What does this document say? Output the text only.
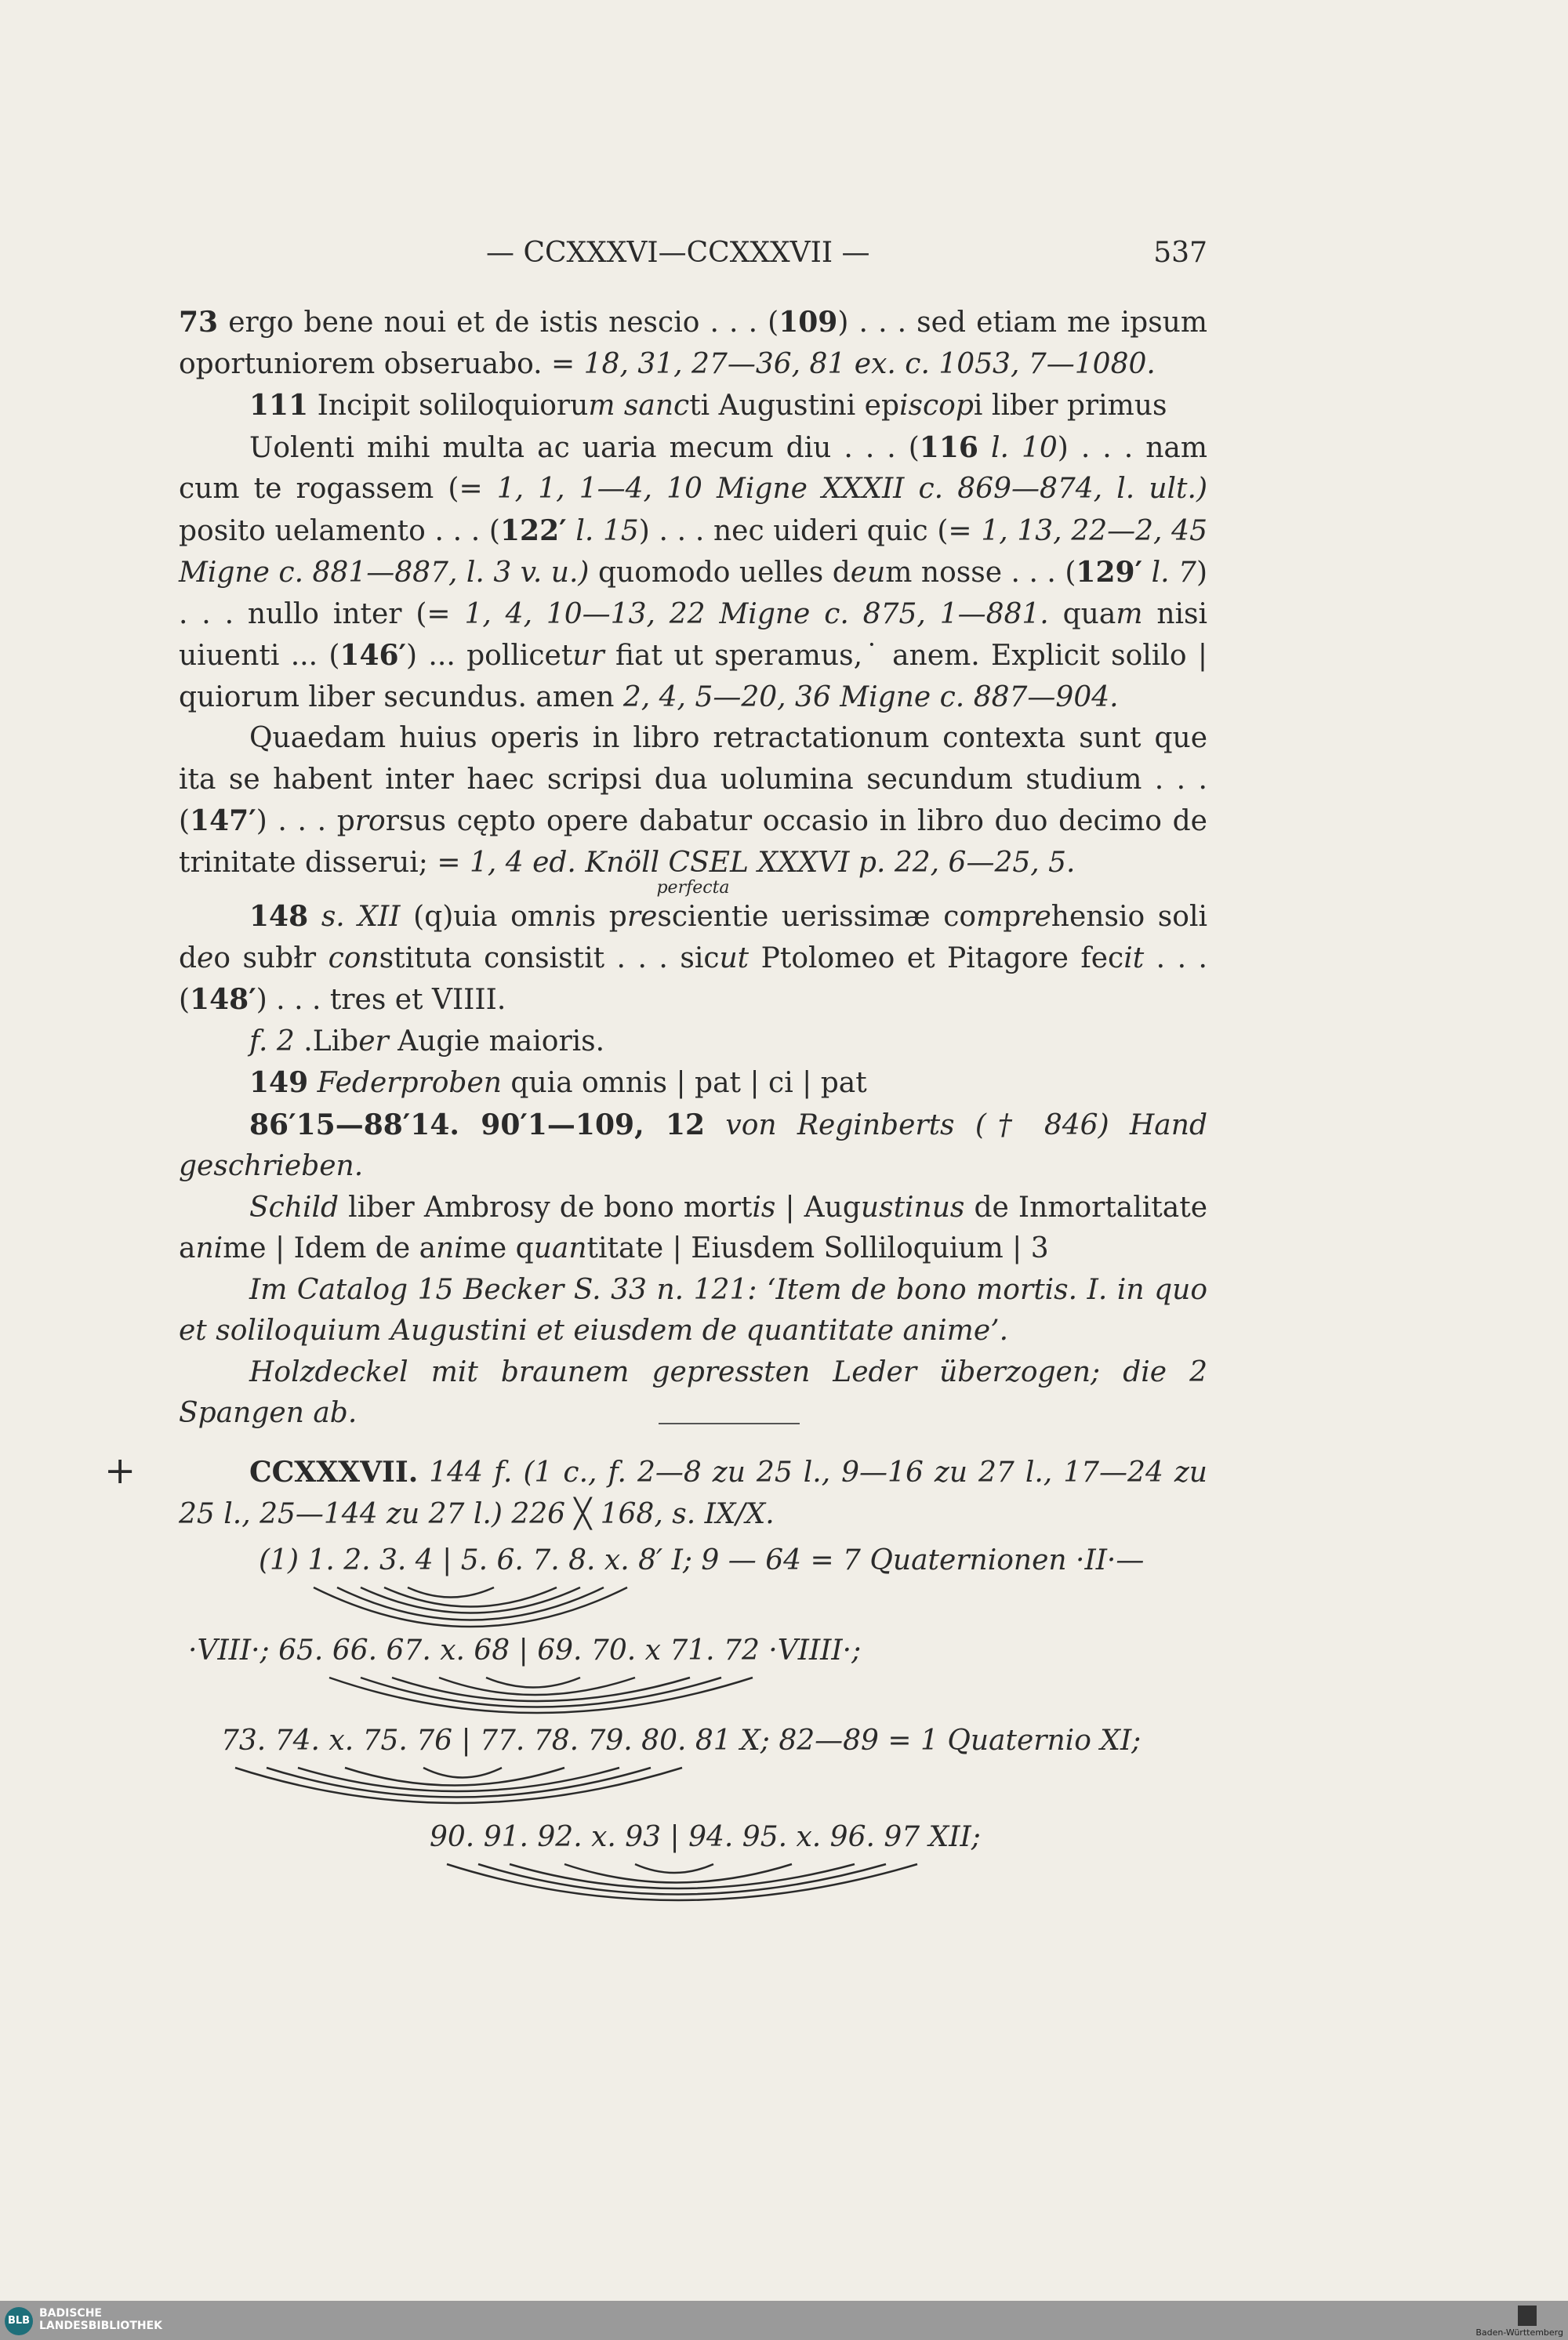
— CCXXXVI—CCXXXVII —	537

73 ergo bene noui et de istis nescio . . . (109) . . . sed etiam me ipsum oportuniorem obseruabo. = 18, 31, 27—36, 81 ex. c. 1053, 7—1080.

111 Incipit soliloquiorum sancti Augustini episcopi liber primus

Uolenti mihi multa ac uaria mecum diu . . . (116 l. 10) . . . nam cum te rogassem (= 1, 1, 1—4, 10 Migne XXXII c. 869—874, l. ult.) posito uelamento . . . (122′ l. 15) . . . nec uideri quic (= 1, 13, 22—2, 45 Migne c. 881—887, l. 3 v. u.) quomodo uelles deum nosse . . . (129′ l. 7) . . . nullo inter (= 1, 4, 10—13, 22 Migne c. 875, 1—881. quam nisi uiuenti ... (146′) ... pollicetur fiat ut speramus,˙ anem. Explicit solilo | quiorum liber secundus. amen 2, 4, 5—20, 36 Migne c. 887—904.

Quaedam huius operis in libro retractationum contexta sunt que ita se habent inter haec scripsi dua uolumina secundum studium . . . (147′) . . . prorsus cępto opere dabatur occasio in libro duo decimo de trinitate disserui; = 1, 4 ed. Knöll CSEL XXXVI p. 22, 6—25, 5.

perfecta

148 s. XII (q)uia omnis prescientie uerissimæ comprehensio soli deo subłr constituta consistit . . . sicut Ptolomeo et Pitagore fecit . . . (148′) . . . tres et VIIII.

f. 2 .Liber Augie maioris.

149 Federproben quia omnis | pat | ci | pat

86′15—88′14. 90′1—109, 12 von Reginberts († 846) Hand geschrieben.

Schild liber Ambrosy de bono mortis | Augustinus de Inmortalitate anime | Idem de anime quantitate | Eiusdem Solliloquium | 3

Im Catalog 15 Becker S. 33 n. 121: ‘Item de bono mortis. I. in quo et soliloquium Augustini et eiusdem de quantitate anime’.

Holzdeckel mit braunem gepressten Leder überzogen; die 2 Spangen ab.

+	CCXXXVII. 144 f. (1 c., f. 2—8 zu 25 l., 9—16 zu 27 l., 17—24 zu 25 l., 25—144 zu 27 l.) 226 ╳ 168, s. IX/X.

(1) 1. 2. 3. 4 | 5. 6. 7. 8. x. 8′ I; 9 — 64 = 7 Quaternionen ·II·—
·VIII·; 65. 66. 67. x. 68 | 69. 70. x 71. 72 ·VIIII·;
73. 74. x. 75. 76 | 77. 78. 79. 80. 81 X; 82—89 = 1 Quaternio XI;
90. 91. 92. x. 93 | 94. 95. x. 96. 97 XII;
BLB
BADISCHE
LANDESBIBLIOTHEK
Baden-Württemberg
